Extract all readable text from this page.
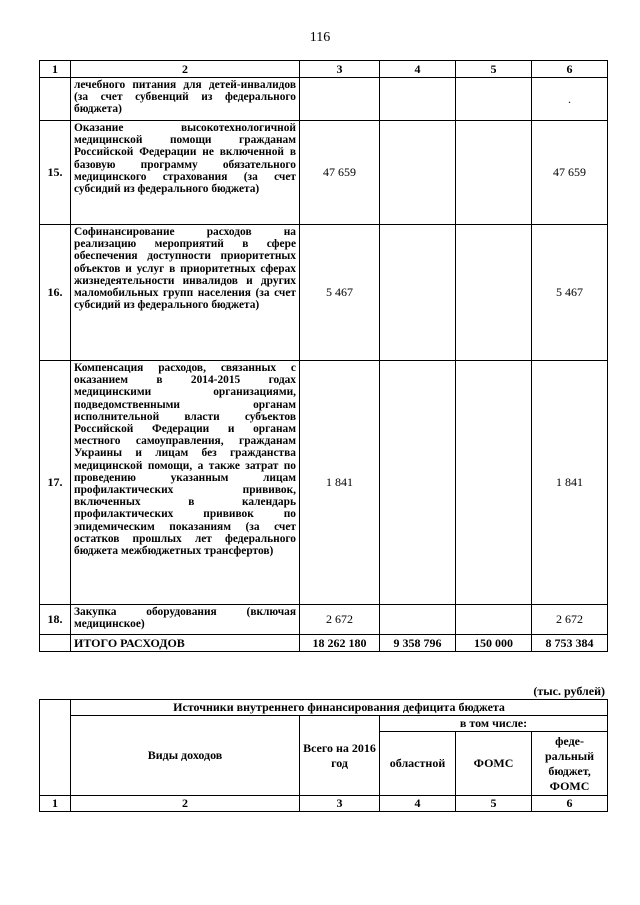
116
1	2	3	4	5	6
	лечебного питания для детей-инвалидов (за счет субвенций из федерального бюджета)				.
15.	Оказание высокотехнологичной медицинской помощи гражданам Российской Федерации не включенной в базовую программу обязательного медицинского страхования (за счет субсидий из федерального бюджета)	47 659			47 659
16.	Софинансирование расходов на реализацию мероприятий в сфере обеспечения доступности приоритетных объектов и услуг в приоритетных сферах жизнедеятельности инвалидов и других маломобильных групп населения (за счет субсидий из федерального бюджета)	5 467			5 467
17.	Компенсация расходов, связанных с оказанием в 2014-2015 годах медицинскими организациями, подведомственными органам исполнительной власти субъектов Российской Федерации и органам местного самоуправления, гражданам Украины и лицам без гражданства медицинской помощи, а также затрат по проведению указанным лицам профилактических прививок, включенных в календарь профилактических прививок по эпидемическим показаниям (за счет остатков прошлых лет федерального бюджета межбюджетных трансфертов)	1 841			1 841
18.	Закупка оборудования (включая медицинское)	2 672			2 672
	ИТОГО РАСХОДОВ	18 262 180	9 358 796	150 000	8 753 384
(тыс. рублей)
	Источники внутреннего финансирования дефицита бюджета				
	Виды доходов	Всего на 2016 год	в том числе:		
			областной	ФОМС	феде-ральный бюджет, ФОМС
1	2	3	4	5	6
